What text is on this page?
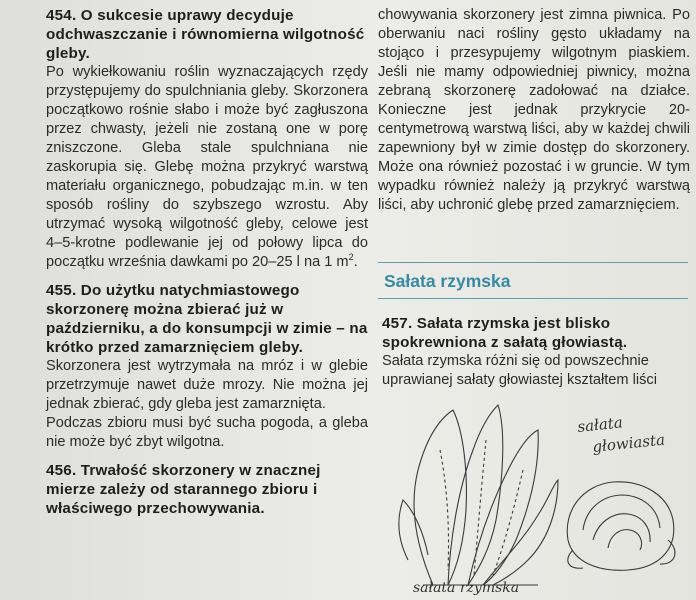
454. O sukcesie uprawy decyduje odchwaszczanie i równomierna wilgotność gleby.

Po wykiełkowaniu roślin wyznaczających rzędy przystępujemy do spulchniania gleby. Skorzonera początkowo rośnie słabo i może być zagłuszona przez chwasty, jeżeli nie zostaną one w porę zniszczone. Gleba stale spulchniana nie zaskorupia się. Glebę można przykryć warstwą materiału organicznego, pobudzając m.in. w ten sposób rośliny do szybszego wzrostu. Aby utrzymać wysoką wilgotność gleby, celowe jest 4–5-krotne podlewanie jej od połowy lipca do początku września dawkami po 20–25 l na 1 $m^2$.

455. Do użytku natychmiastowego skorzonerę można zbierać już w październiku, a do konsumpcji w zimie – na krótko przed zamarznięciem gleby.

Skorzonera jest wytrzymała na mróz i w glebie przetrzymuje nawet duże mrozy. Nie można jej jednak zbierać, gdy gleba jest zamarznięta.

Podczas zbioru musi być sucha pogoda, a gleba nie może być zbyt wilgotna.

456. Trwałość skorzonery w znacznej mierze zależy od starannego zbioru i właściwego przechowywania.

chowywania skorzonery jest zimna piwnica. Po oberwaniu naci rośliny gęsto układamy na stojąco i przesypujemy wilgotnym piaskiem. Jeśli nie mamy odpowiedniej piwnicy, można zebraną skorzonerę zadołować na działce. Konieczne jest jednak przykrycie 20-centymetrową warstwą liści, aby w każdej chwili zapewniony był w zimie dostęp do skorzonery. Może ona również pozostać i w gruncie. W tym wypadku również należy ją przykryć warstwą liści, aby uchronić glebę przed zamarznięciem.

Sałata rzymska

457. Sałata rzymska jest blisko spokrewniona z sałatą głowiastą.

Sałata rzymska różni się od powszechnie uprawianej sałaty głowiastej kształtem liści

sałata
głowiasta
sałata rzymska
